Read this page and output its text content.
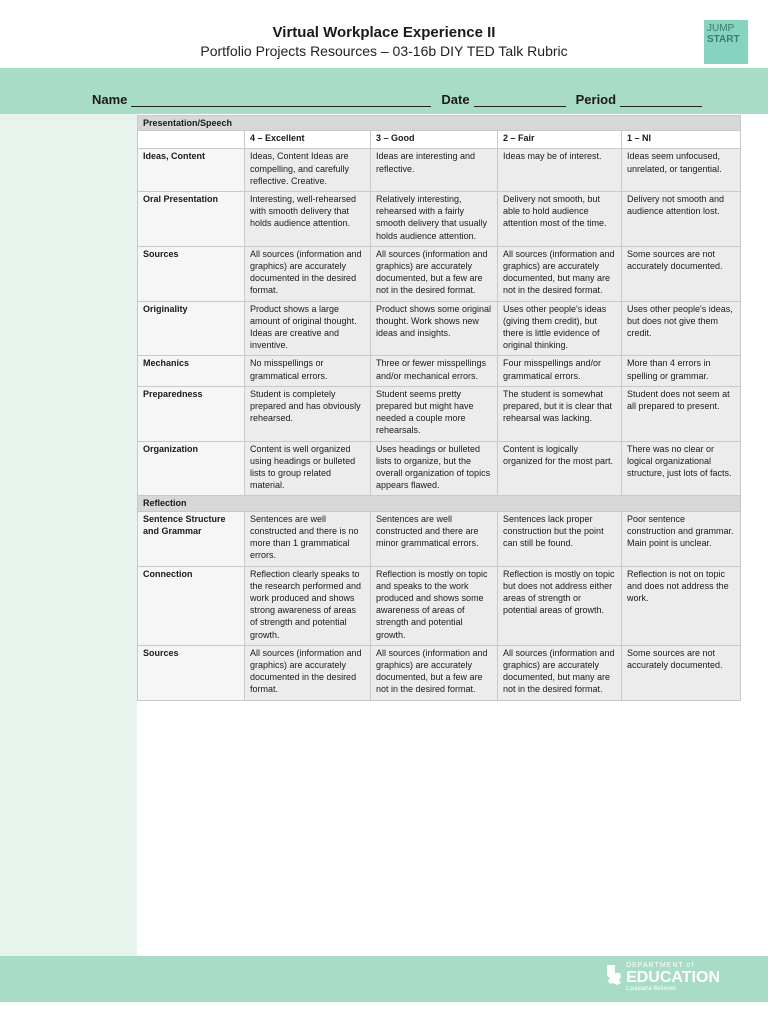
Virtual Workplace Experience II
Portfolio Projects Resources – 03-16b DIY TED Talk Rubric
JUMP
START
Name	Date	Period
Presentation/Speech				
	4 – Excellent	3 – Good	2 – Fair	1 – NI
Ideas, Content	Ideas, Content Ideas are compelling, and carefully reflective. Creative.	Ideas are interesting and reflective.	Ideas may be of interest.	Ideas seem unfocused, unrelated, or tangential.
Oral Presentation	Interesting, well-rehearsed with smooth delivery that holds audience attention.	Relatively interesting, rehearsed with a fairly smooth delivery that usually holds audience attention.	Delivery not smooth, but able to hold audience attention most of the time.	Delivery not smooth and audience attention lost.
Sources	All sources (information and graphics) are accurately documented in the desired format.	All sources (information and graphics) are accurately documented, but a few are not in the desired format.	All sources (information and graphics) are accurately documented, but many are not in the desired format.	Some sources are not accurately documented.
Originality	Product shows a large amount of original thought. Ideas are creative and inventive.	Product shows some original thought. Work shows new ideas and insights.	Uses other people's ideas (giving them credit), but there is little evidence of original thinking.	Uses other people's ideas, but does not give them credit.
Mechanics	No misspellings or grammatical errors.	Three or fewer misspellings and/or mechanical errors.	Four misspellings and/or grammatical errors.	More than 4 errors in spelling or grammar.
Preparedness	Student is completely prepared and has obviously rehearsed.	Student seems pretty prepared but might have needed a couple more rehearsals.	The student is somewhat prepared, but it is clear that rehearsal was lacking.	Student does not seem at all prepared to present.
Organization	Content is well organized using headings or bulleted lists to group related material.	Uses headings or bulleted lists to organize, but the overall organization of topics appears flawed.	Content is logically organized for the most part.	There was no clear or logical organizational structure, just lots of facts.
Reflection				
Sentence Structure and Grammar	Sentences are well constructed and there is no more than 1 grammatical errors.	Sentences are well constructed and there are minor grammatical errors.	Sentences lack proper construction but the point can still be found.	Poor sentence construction and grammar. Main point is unclear.
Connection	Reflection clearly speaks to the research performed and work produced and shows strong awareness of areas of strength and potential growth.	Reflection is mostly on topic and speaks to the work produced and shows some awareness of areas of strength and potential growth.	Reflection is mostly on topic but does not address either areas of strength or potential areas of growth.	Reflection is not on topic and does not address the work.
Sources	All sources (information and graphics) are accurately documented in the desired format.	All sources (information and graphics) are accurately documented, but a few are not in the desired format.	All sources (information and graphics) are accurately documented, but many are not in the desired format.	Some sources are not accurately documented.
DEPARTMENT of
EDUCATION
Louisiana Believes
